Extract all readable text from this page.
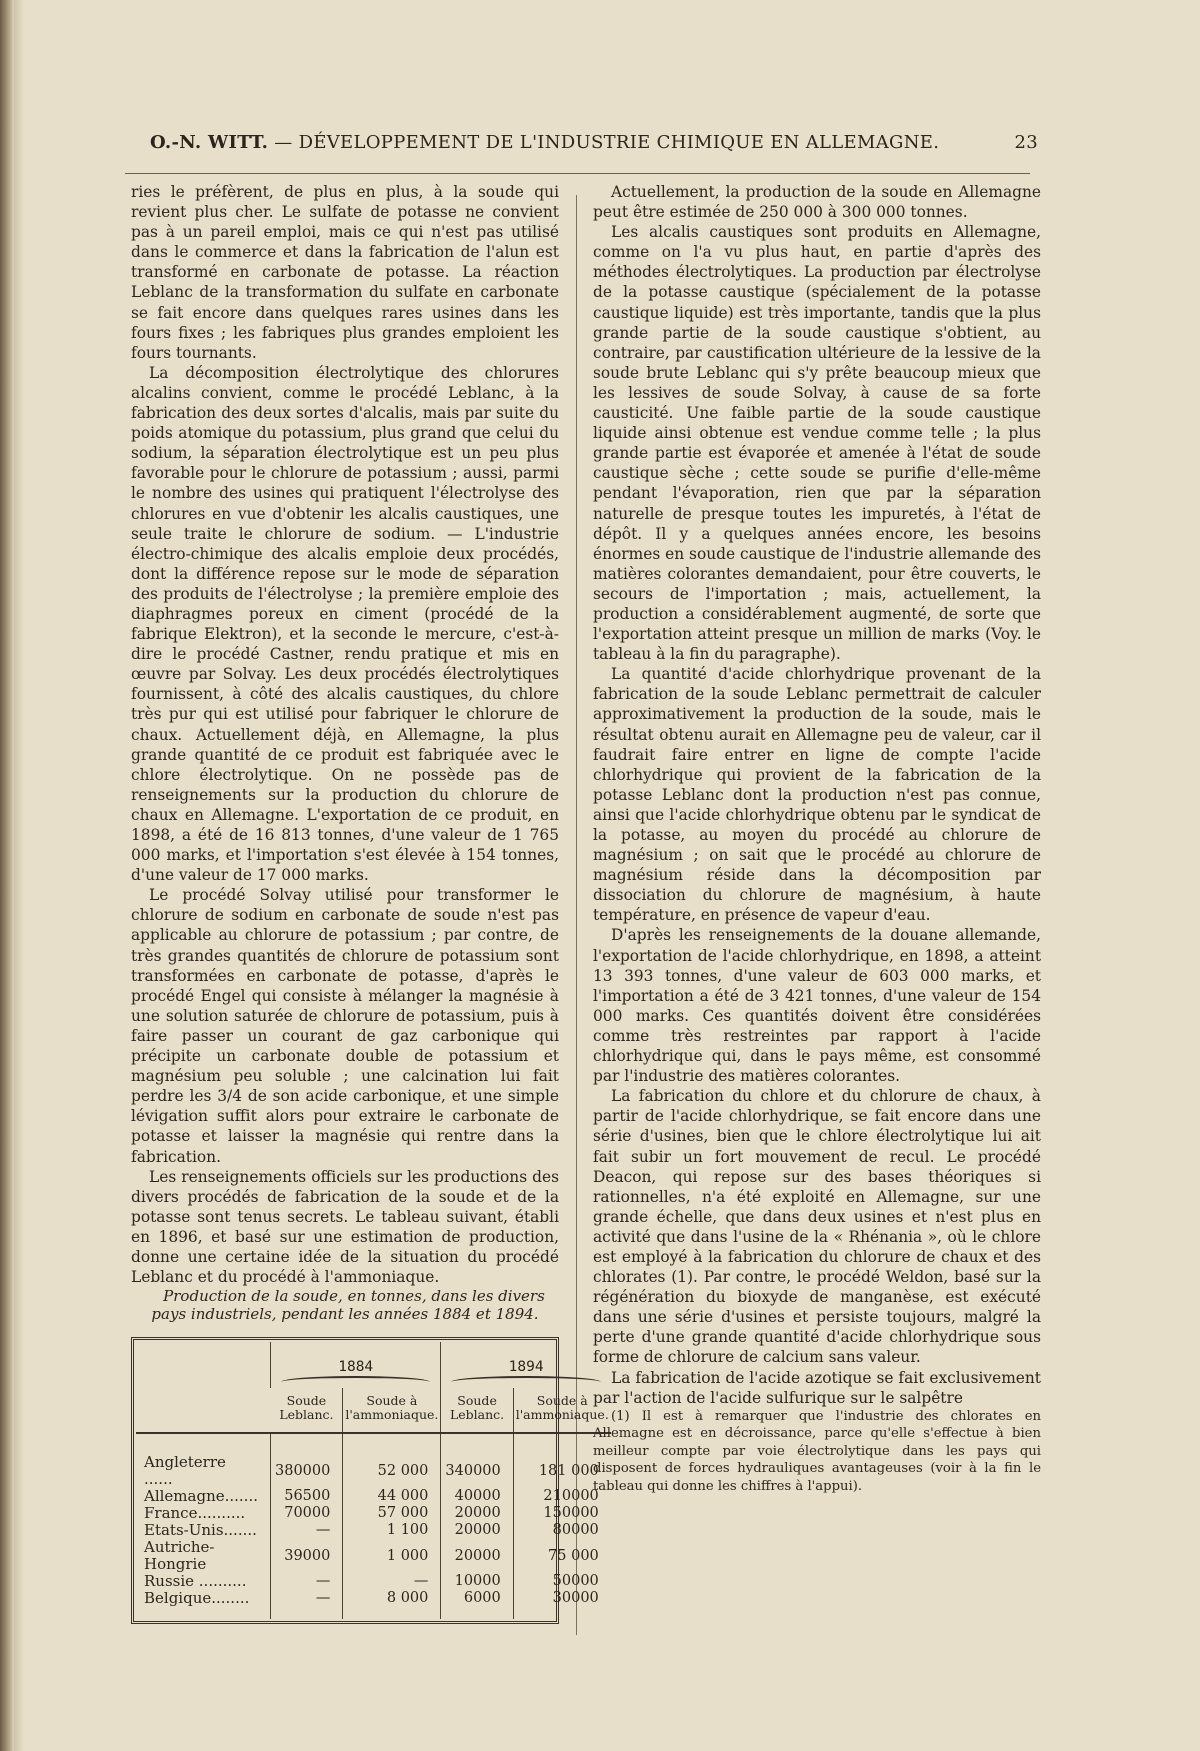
O.-N. WITT. — DÉVELOPPEMENT DE L'INDUSTRIE CHIMIQUE EN ALLEMAGNE.	23

ries le préfèrent, de plus en plus, à la soude qui revient plus cher. Le sulfate de potasse ne convient pas à un pareil emploi, mais ce qui n'est pas utilisé dans le commerce et dans la fabrication de l'alun est transformé en carbonate de potasse. La réaction Leblanc de la transformation du sulfate en carbonate se fait encore dans quelques rares usines dans les fours fixes ; les fabriques plus grandes emploient les fours tournants.

La décomposition électrolytique des chlorures alcalins convient, comme le procédé Leblanc, à la fabrication des deux sortes d'alcalis, mais par suite du poids atomique du potassium, plus grand que celui du sodium, la séparation électrolytique est un peu plus favorable pour le chlorure de potassium ; aussi, parmi le nombre des usines qui pratiquent l'électrolyse des chlorures en vue d'obtenir les alcalis caustiques, une seule traite le chlorure de sodium. — L'industrie électro-chimique des alcalis emploie deux procédés, dont la différence repose sur le mode de séparation des produits de l'électrolyse ; la première emploie des diaphragmes poreux en ciment (procédé de la fabrique Elektron), et la seconde le mercure, c'est-à-dire le procédé Castner, rendu pratique et mis en œuvre par Solvay. Les deux procédés électrolytiques fournissent, à côté des alcalis caustiques, du chlore très pur qui est utilisé pour fabriquer le chlorure de chaux. Actuellement déjà, en Allemagne, la plus grande quantité de ce produit est fabriquée avec le chlore électrolytique. On ne possède pas de renseignements sur la production du chlorure de chaux en Allemagne. L'exportation de ce produit, en 1898, a été de 16 813 tonnes, d'une valeur de 1 765 000 marks, et l'importation s'est élevée à 154 tonnes, d'une valeur de 17 000 marks.

Le procédé Solvay utilisé pour transformer le chlorure de sodium en carbonate de soude n'est pas applicable au chlorure de potassium ; par contre, de très grandes quantités de chlorure de potassium sont transformées en carbonate de potasse, d'après le procédé Engel qui consiste à mélanger la magnésie à une solution saturée de chlorure de potassium, puis à faire passer un courant de gaz carbonique qui précipite un carbonate double de potassium et magnésium peu soluble ; une calcination lui fait perdre les 3/4 de son acide carbonique, et une simple lévigation suffit alors pour extraire le carbonate de potasse et laisser la magnésie qui rentre dans la fabrication.

Les renseignements officiels sur les productions des divers procédés de fabrication de la soude et de la potasse sont tenus secrets. Le tableau suivant, établi en 1896, et basé sur une estimation de production, donne une certaine idée de la situation du procédé Leblanc et du procédé à l'ammoniaque.

Production de la soude, en tonnes, dans les divers pays industriels, pendant les années 1884 et 1894.

	1884		1894	

	Soude Leblanc.	Soude à l'ammoniaque.	Soude Leblanc.	Soude à l'ammoniaque.
Angleterre ......	380000	52 000	340000	181 000
Allemagne.......	56500	44 000	40000	210000
France..........	70000	57 000	20000	150000
Etats-Unis.......	—	1 100	20000	80000
Autriche-Hongrie	39000	1 000	20000	75 000
Russie ..........	—	—	10000	50000
Belgique........	—	8 000	6000	30000

Actuellement, la production de la soude en Allemagne peut être estimée de 250 000 à 300 000 tonnes.

Les alcalis caustiques sont produits en Allemagne, comme on l'a vu plus haut, en partie d'après des méthodes électrolytiques. La production par électrolyse de la potasse caustique (spécialement de la potasse caustique liquide) est très importante, tandis que la plus grande partie de la soude caustique s'obtient, au contraire, par caustification ultérieure de la lessive de la soude brute Leblanc qui s'y prête beaucoup mieux que les lessives de soude Solvay, à cause de sa forte causticité. Une faible partie de la soude caustique liquide ainsi obtenue est vendue comme telle ; la plus grande partie est évaporée et amenée à l'état de soude caustique sèche ; cette soude se purifie d'elle-même pendant l'évaporation, rien que par la séparation naturelle de presque toutes les impuretés, à l'état de dépôt. Il y a quelques années encore, les besoins énormes en soude caustique de l'industrie allemande des matières colorantes demandaient, pour être couverts, le secours de l'importation ; mais, actuellement, la production a considérablement augmenté, de sorte que l'exportation atteint presque un million de marks (Voy. le tableau à la fin du paragraphe).

La quantité d'acide chlorhydrique provenant de la fabrication de la soude Leblanc permettrait de calculer approximativement la production de la soude, mais le résultat obtenu aurait en Allemagne peu de valeur, car il faudrait faire entrer en ligne de compte l'acide chlorhydrique qui provient de la fabrication de la potasse Leblanc dont la production n'est pas connue, ainsi que l'acide chlorhydrique obtenu par le syndicat de la potasse, au moyen du procédé au chlorure de magnésium ; on sait que le procédé au chlorure de magnésium réside dans la décomposition par dissociation du chlorure de magnésium, à haute température, en présence de vapeur d'eau.

D'après les renseignements de la douane allemande, l'exportation de l'acide chlorhydrique, en 1898, a atteint 13 393 tonnes, d'une valeur de 603 000 marks, et l'importation a été de 3 421 tonnes, d'une valeur de 154 000 marks. Ces quantités doivent être considérées comme très restreintes par rapport à l'acide chlorhydrique qui, dans le pays même, est consommé par l'industrie des matières colorantes.

La fabrication du chlore et du chlorure de chaux, à partir de l'acide chlorhydrique, se fait encore dans une série d'usines, bien que le chlore électrolytique lui ait fait subir un fort mouvement de recul. Le procédé Deacon, qui repose sur des bases théoriques si rationnelles, n'a été exploité en Allemagne, sur une grande échelle, que dans deux usines et n'est plus en activité que dans l'usine de la « Rhénania », où le chlore est employé à la fabrication du chlorure de chaux et des chlorates (1). Par contre, le procédé Weldon, basé sur la régénération du bioxyde de manganèse, est exécuté dans une série d'usines et persiste toujours, malgré la perte d'une grande quantité d'acide chlorhydrique sous forme de chlorure de calcium sans valeur.

La fabrication de l'acide azotique se fait exclusivement par l'action de l'acide sulfurique sur le salpêtre

(1) Il est à remarquer que l'industrie des chlorates en Allemagne est en décroissance, parce qu'elle s'effectue à bien meilleur compte par voie électrolytique dans les pays qui disposent de forces hydrauliques avantageuses (voir à la fin le tableau qui donne les chiffres à l'appui).
